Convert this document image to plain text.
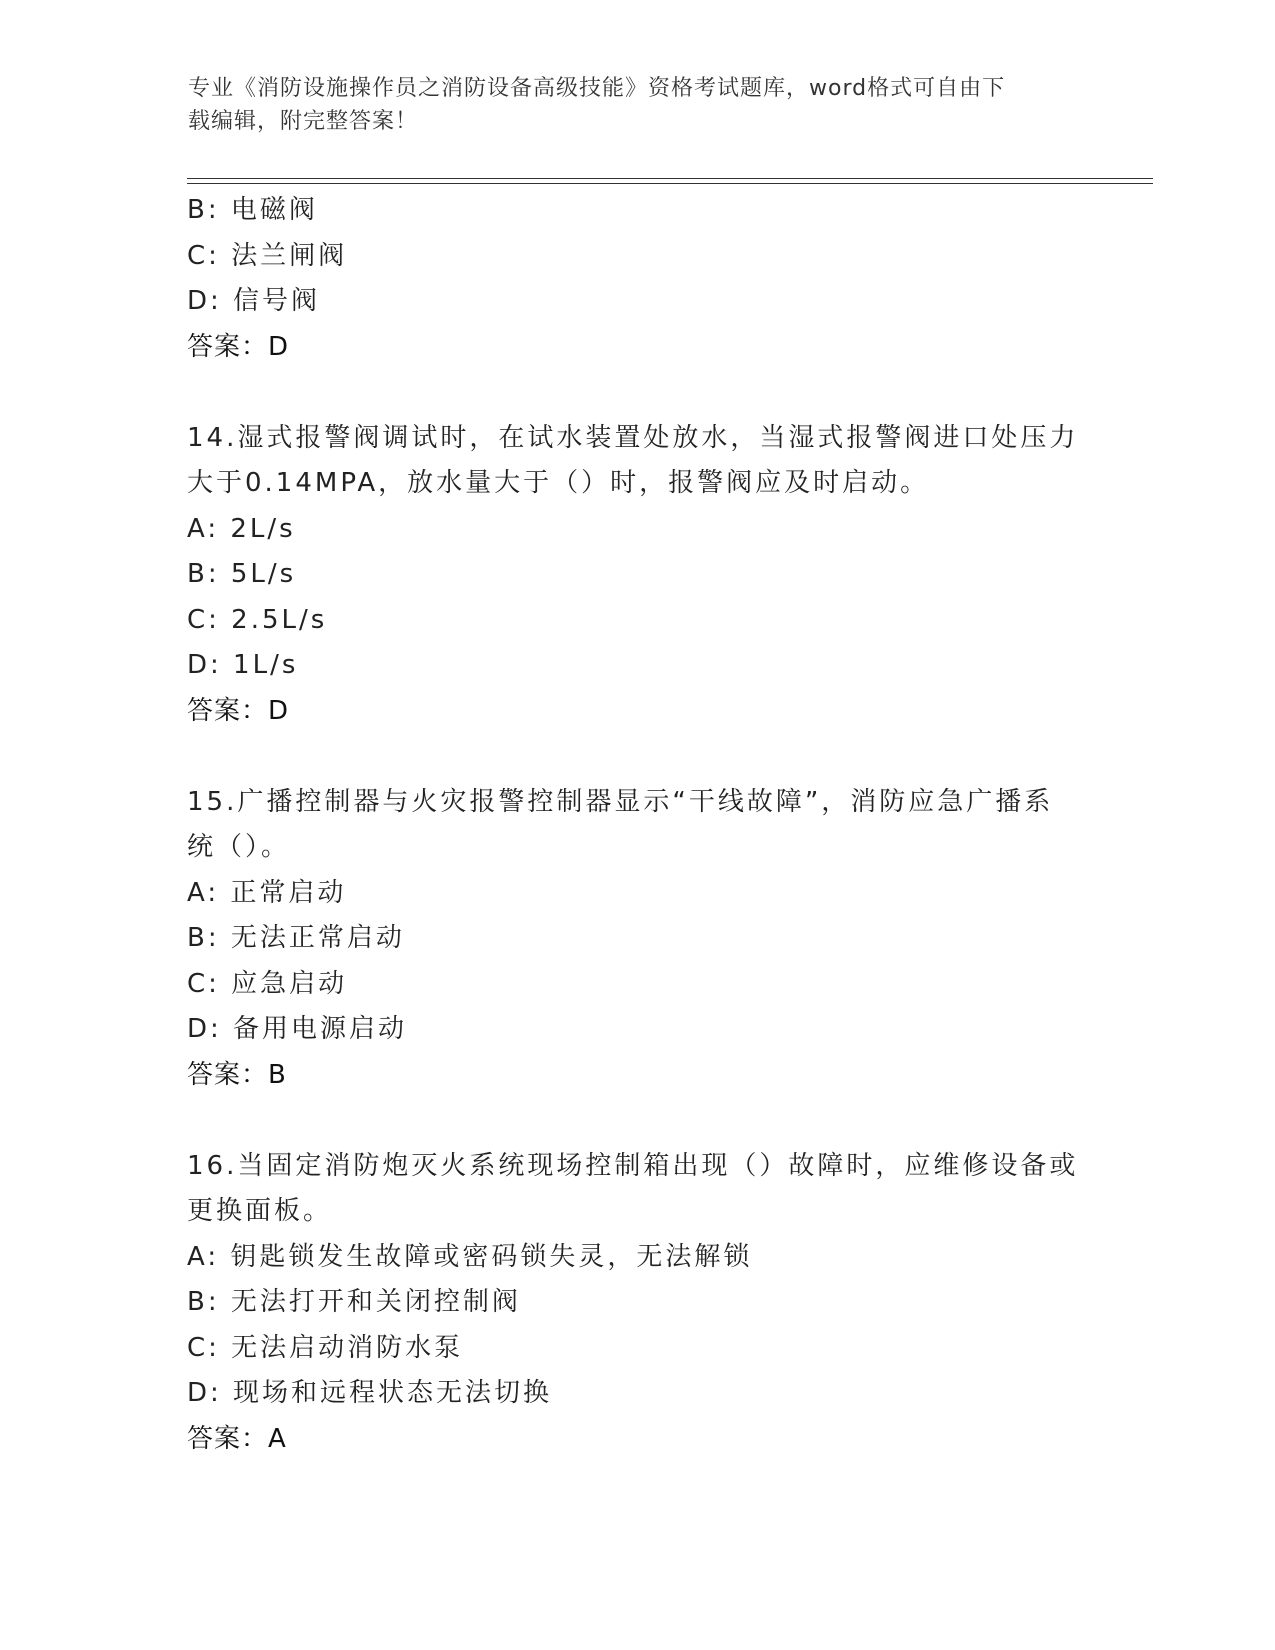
专业《消防设施操作员之消防设备高级技能》资格考试题库，word格式可自由下
载编辑，附完整答案！
B: 电磁阀
C: 法兰闸阀
D: 信号阀
答案：D
14.湿式报警阀调试时，在试水装置处放水，当湿式报警阀进口处压力
大于0.14MPA，放水量大于（）时，报警阀应及时启动。
A: 2L/s
B: 5L/s
C: 2.5L/s
D: 1L/s
答案：D
15.广播控制器与火灾报警控制器显示“干线故障”，消防应急广播系
统（）。
A: 正常启动
B: 无法正常启动
C: 应急启动
D: 备用电源启动
答案：B
16.当固定消防炮灭火系统现场控制箱出现（）故障时，应维修设备或
更换面板。
A: 钥匙锁发生故障或密码锁失灵，无法解锁
B: 无法打开和关闭控制阀
C: 无法启动消防水泵
D: 现场和远程状态无法切换
答案：A
